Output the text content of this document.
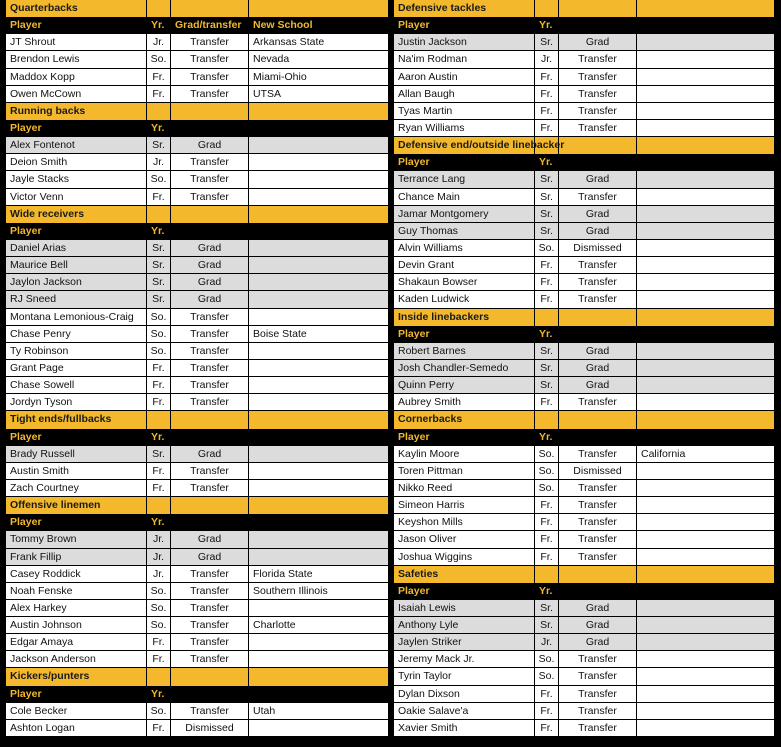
Quarterbacks
Player	Yr.	Grad/transfer	New School
JT Shrout	Jr.	Transfer	Arkansas State
Brendon Lewis	So.	Transfer	Nevada
Maddox Kopp	Fr.	Transfer	Miami-Ohio
Owen McCown	Fr.	Transfer	UTSA
Running backs
Player	Yr.
Alex Fontenot	Sr.	Grad
Deion Smith	Jr.	Transfer
Jayle Stacks	So.	Transfer
Victor Venn	Fr.	Transfer
Wide receivers
Player	Yr.
Daniel Arias	Sr.	Grad
Maurice Bell	Sr.	Grad
Jaylon Jackson	Sr.	Grad
RJ Sneed	Sr.	Grad
Montana Lemonious-Craig	So.	Transfer
Chase Penry	So.	Transfer	Boise State
Ty Robinson	So.	Transfer
Grant Page	Fr.	Transfer
Chase Sowell	Fr.	Transfer
Jordyn Tyson	Fr.	Transfer
Tight ends/fullbacks
Player	Yr.
Brady Russell	Sr.	Grad
Austin Smith	Fr.	Transfer
Zach Courtney	Fr.	Transfer
Offensive linemen
Player	Yr.
Tommy Brown	Jr.	Grad
Frank Fillip	Jr.	Grad
Casey Roddick	Jr.	Transfer	Florida State
Noah Fenske	So.	Transfer	Southern Illinois
Alex Harkey	So.	Transfer
Austin Johnson	So.	Transfer	Charlotte
Edgar Amaya	Fr.	Transfer
Jackson Anderson	Fr.	Transfer
Kickers/punters
Player	Yr.
Cole Becker	So.	Transfer	Utah
Ashton Logan	Fr.	Dismissed
Defensive tackles
Player	Yr.
Justin Jackson	Sr.	Grad
Na'im Rodman	Jr.	Transfer
Aaron Austin	Fr.	Transfer
Allan Baugh	Fr.	Transfer
Tyas Martin	Fr.	Transfer
Ryan Williams	Fr.	Transfer
Defensive end/outside linebacker
Player	Yr.
Terrance Lang	Sr.	Grad
Chance Main	Sr.	Transfer
Jamar Montgomery	Sr.	Grad
Guy Thomas	Sr.	Grad
Alvin Williams	So.	Dismissed
Devin Grant	Fr.	Transfer
Shakaun Bowser	Fr.	Transfer
Kaden Ludwick	Fr.	Transfer
Inside linebackers
Player	Yr.
Robert Barnes	Sr.	Grad
Josh Chandler-Semedo	Sr.	Grad
Quinn Perry	Sr.	Grad
Aubrey Smith	Fr.	Transfer
Cornerbacks
Player	Yr.
Kaylin Moore	So.	Transfer	California
Toren Pittman	So.	Dismissed
Nikko Reed	So.	Transfer
Simeon Harris	Fr.	Transfer
Keyshon Mills	Fr.	Transfer
Jason Oliver	Fr.	Transfer
Joshua Wiggins	Fr.	Transfer
Safeties
Player	Yr.
Isaiah Lewis	Sr.	Grad
Anthony Lyle	Sr.	Grad
Jaylen Striker	Jr.	Grad
Jeremy Mack Jr.	So.	Transfer
Tyrin Taylor	So.	Transfer
Dylan Dixson	Fr.	Transfer
Oakie Salave'a	Fr.	Transfer
Xavier Smith	Fr.	Transfer
